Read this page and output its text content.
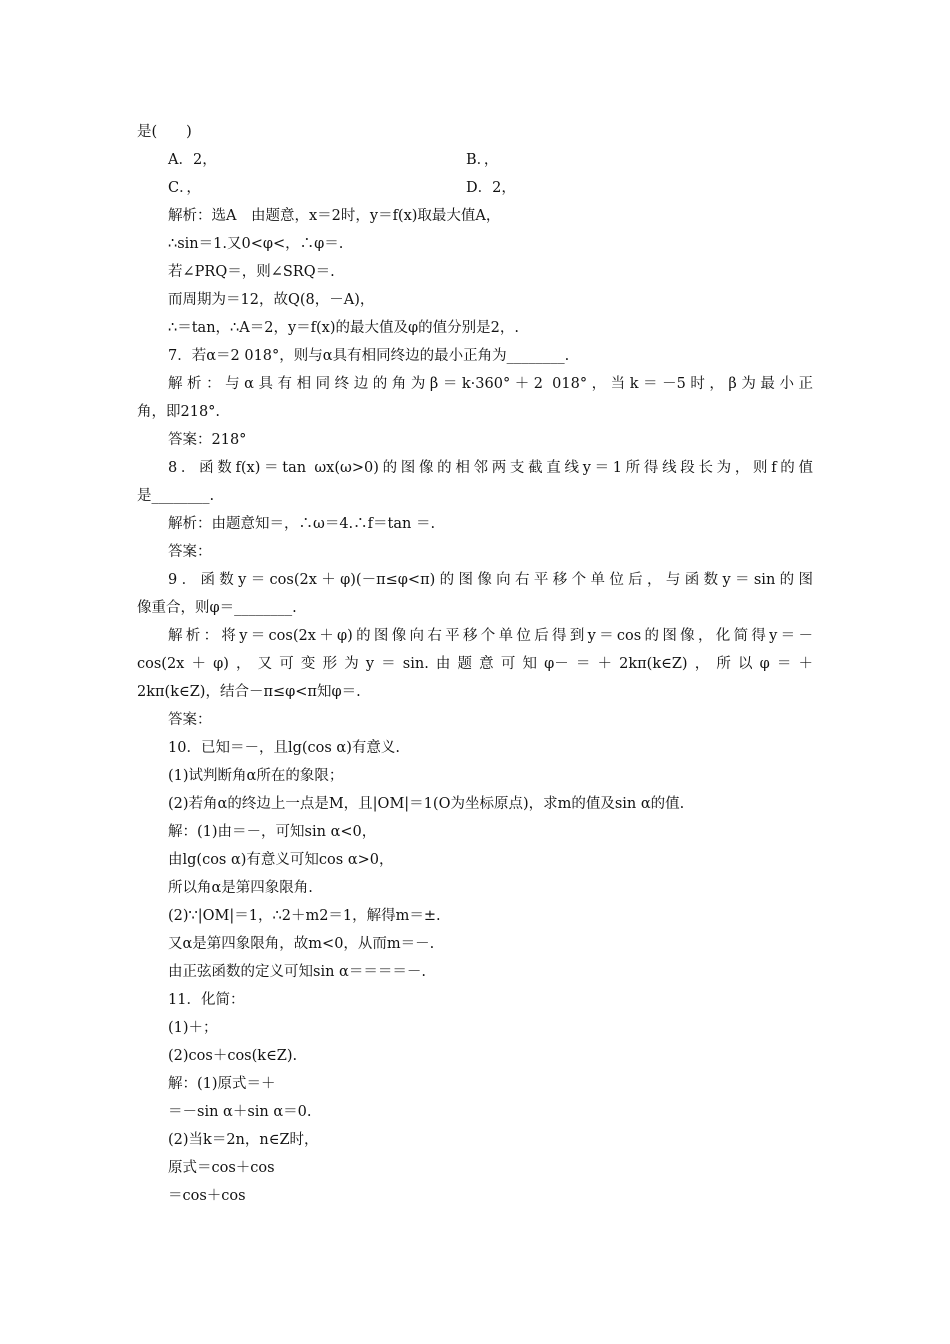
是(　　)
A．2，	B．，
C．，	D．2，
解析：选A　由题意，x＝2时，y＝f(x)取最大值A，
∴sin＝1.又0<φ<，∴φ＝.
若∠PRQ＝，则∠SRQ＝.
而周期为＝12，故Q(8，－A)，
∴＝tan，∴A＝2，y＝f(x)的最大值及φ的值分别是2，.
7．若α＝2 018°，则与α具有相同终边的最小正角为________.
解析：与α具有相同终边的角为β＝k·360°＋2 018°，当k＝－5时，β为最小正
角，即218°.
答案：218°
8．函数f(x)＝tan ωx(ω>0)的图像的相邻两支截直线y＝1所得线段长为，则f的值
是________.
解析：由题意知＝，∴ω＝4.∴f＝tan ＝.
答案：
9．函数y＝cos(2x＋φ)(－π≤φ<π)的图像向右平移个单位后，与函数y＝sin的图
像重合，则φ＝________.
解析：将y＝cos(2x＋φ)的图像向右平移个单位后得到y＝cos的图像，化简得y＝－
cos(2x＋φ)，又可变形为y＝sin.由题意可知φ－＝＋2kπ(k∈Z)，所以φ＝＋
2kπ(k∈Z)，结合－π≤φ<π知φ＝.
答案：
10．已知＝－，且lg(cos α)有意义.
(1)试判断角α所在的象限；
(2)若角α的终边上一点是M，且|OM|＝1(O为坐标原点)，求m的值及sin α的值.
解：(1)由＝－，可知sin α<0，
由lg(cos α)有意义可知cos α>0，
所以角α是第四象限角.
(2)∵|OM|＝1，∴2＋m2＝1，解得m＝±.
又α是第四象限角，故m<0，从而m＝－.
由正弦函数的定义可知sin α＝＝＝＝－.
11．化简：
(1)＋；
(2)cos＋cos(k∈Z).
解：(1)原式＝＋
＝－sin α＋sin α＝0.
(2)当k＝2n，n∈Z时，
原式＝cos＋cos
＝cos＋cos
